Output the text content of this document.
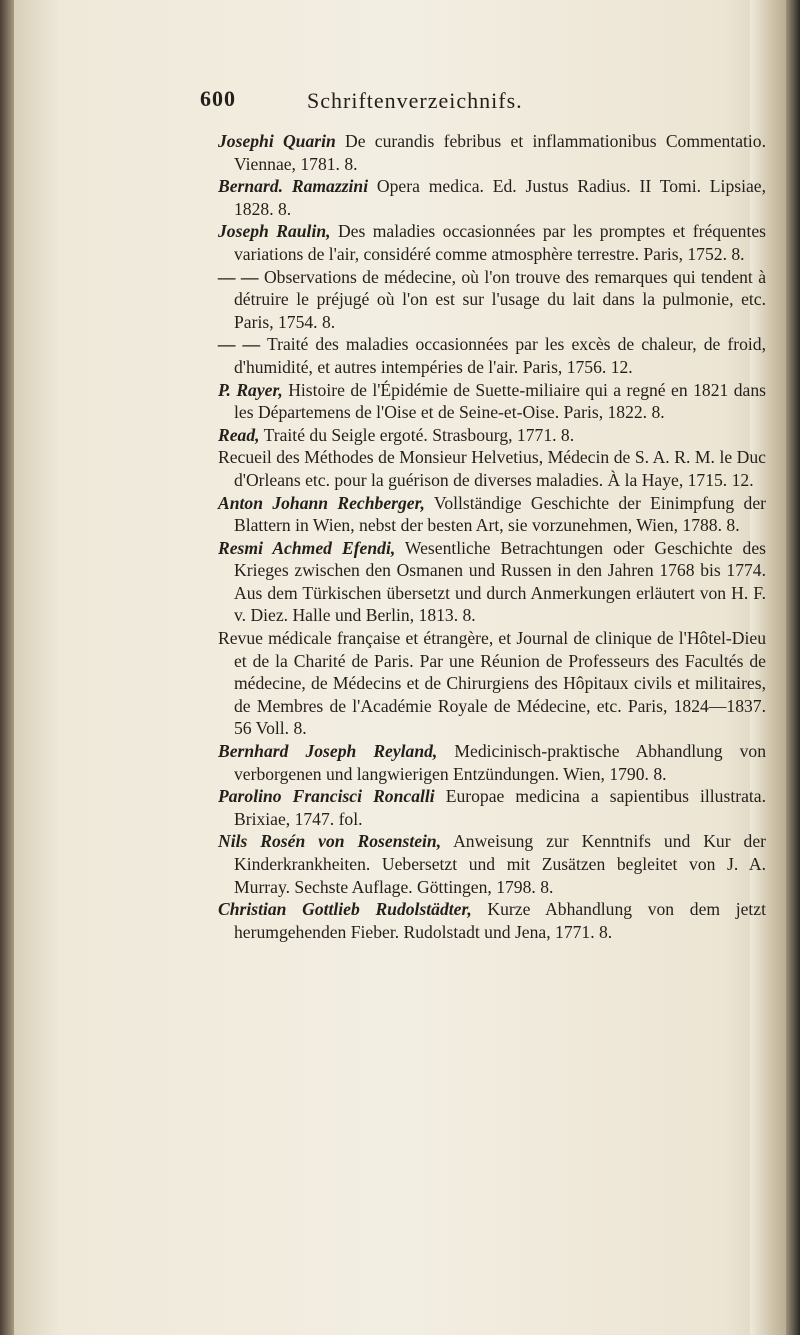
600	Schriftenverzeichnifs.

Josephi Quarin De curandis febribus et inflammationibus Commentatio. Viennae, 1781. 8.

Bernard. Ramazzini Opera medica. Ed. Justus Radius. II Tomi. Lipsiae, 1828. 8.

Joseph Raulin, Des maladies occasionnées par les promptes et fréquentes variations de l'air, considéré comme atmosphère terrestre. Paris, 1752. 8.

— — Observations de médecine, où l'on trouve des remarques qui tendent à détruire le préjugé où l'on est sur l'usage du lait dans la pulmonie, etc. Paris, 1754. 8.

— — Traité des maladies occasionnées par les excès de chaleur, de froid, d'humidité, et autres intempéries de l'air. Paris, 1756. 12.

P. Rayer, Histoire de l'Épidémie de Suette-miliaire qui a regné en 1821 dans les Départemens de l'Oise et de Seine-et-Oise. Paris, 1822. 8.

Read, Traité du Seigle ergoté. Strasbourg, 1771. 8.

Recueil des Méthodes de Monsieur Helvetius, Médecin de S. A. R. M. le Duc d'Orleans etc. pour la guérison de diverses maladies. À la Haye, 1715. 12.

Anton Johann Rechberger, Vollständige Geschichte der Einimpfung der Blattern in Wien, nebst der besten Art, sie vorzunehmen, Wien, 1788. 8.

Resmi Achmed Efendi, Wesentliche Betrachtungen oder Geschichte des Krieges zwischen den Osmanen und Russen in den Jahren 1768 bis 1774. Aus dem Türkischen übersetzt und durch Anmerkungen erläutert von H. F. v. Diez. Halle und Berlin, 1813. 8.

Revue médicale française et étrangère, et Journal de clinique de l'Hôtel-Dieu et de la Charité de Paris. Par une Réunion de Professeurs des Facultés de médecine, de Médecins et de Chirurgiens des Hôpitaux civils et militaires, de Membres de l'Académie Royale de Médecine, etc. Paris, 1824—1837. 56 Voll. 8.

Bernhard Joseph Reyland, Medicinisch-praktische Abhandlung von verborgenen und langwierigen Entzündungen. Wien, 1790. 8.

Parolino Francisci Roncalli Europae medicina a sapientibus illustrata. Brixiae, 1747. fol.

Nils Rosén von Rosenstein, Anweisung zur Kenntnifs und Kur der Kinderkrankheiten. Uebersetzt und mit Zusätzen begleitet von J. A. Murray. Sechste Auflage. Göttingen, 1798. 8.

Christian Gottlieb Rudolstädter, Kurze Abhandlung von dem jetzt herumgehenden Fieber. Rudolstadt und Jena, 1771. 8.
